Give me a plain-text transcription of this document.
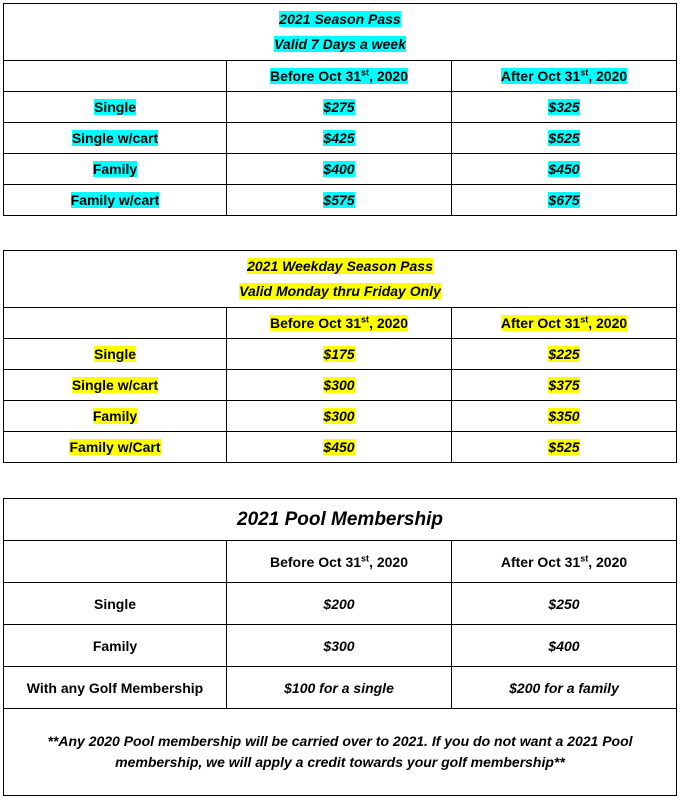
2021 Season Pass
Valid 7 Days a week		

	Before Oct 31st, 2020	After Oct 31st, 2020
Single	$275	$325
Single w/cart	$425	$525
Family	$400	$450
Family w/cart	$575	$675
2021 Weekday Season Pass
Valid Monday thru Friday Only		

	Before Oct 31st, 2020	After Oct 31st, 2020
Single	$175	$225
Single w/cart	$300	$375
Family	$300	$350
Family w/Cart	$450	$525
2021 Pool Membership		
	Before Oct 31st, 2020	After Oct 31st, 2020
Single	$200	$250
Family	$300	$400
With any Golf Membership	$100 for a single	$200 for a family
**Any 2020 Pool membership will be carried over to 2021. If you do not want a 2021 Pool membership, we will apply a credit towards your golf membership**		
